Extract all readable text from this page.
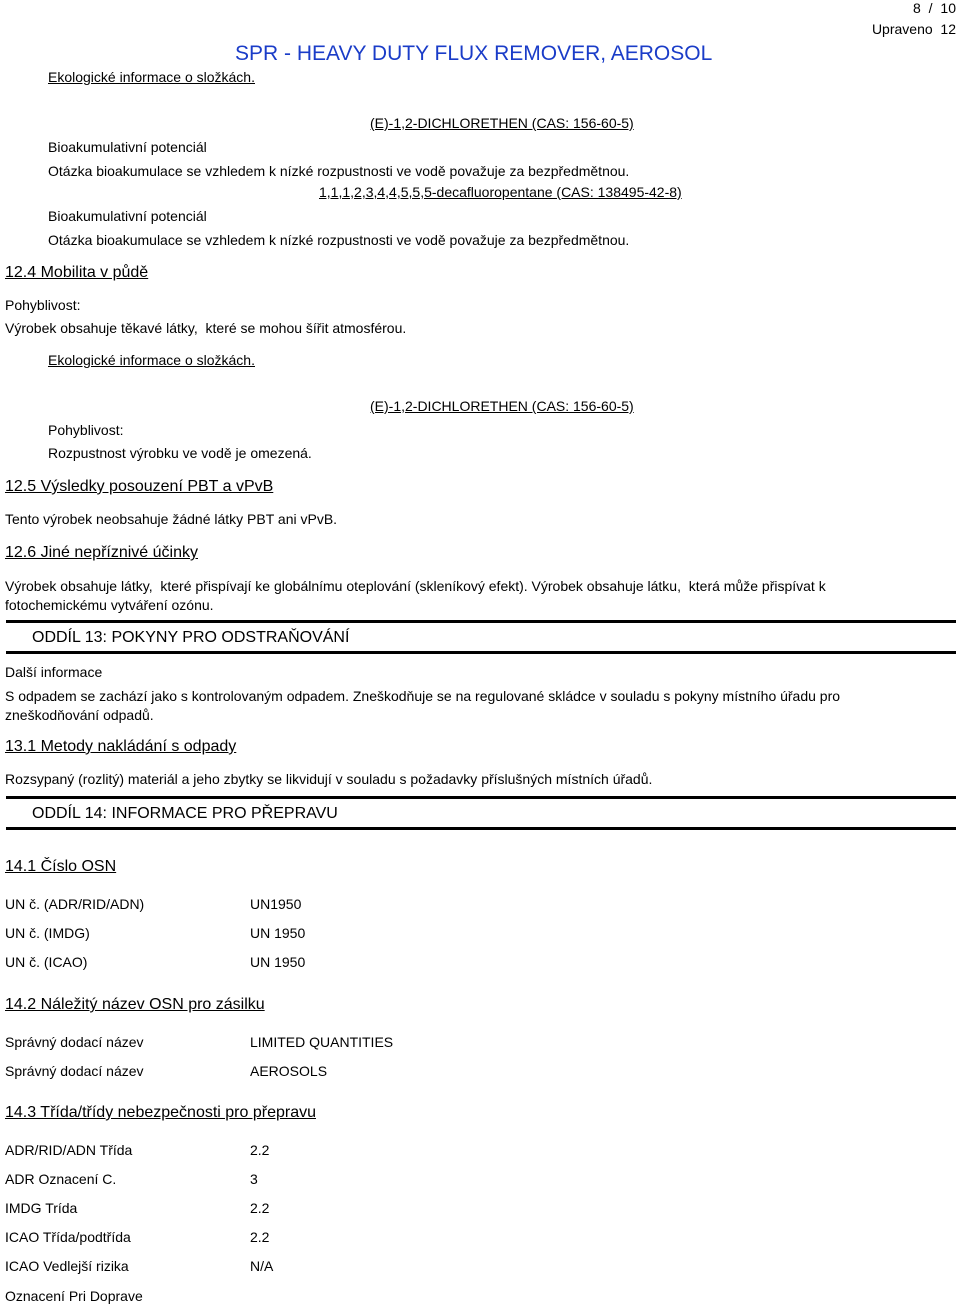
8 / 10
Upraveno  12
SPR - HEAVY DUTY FLUX REMOVER, AEROSOL
Ekologické informace o složkách.
(E)-1,2-DICHLORETHEN (CAS: 156-60-5)
Bioakumulativní potenciál
Otázka bioakumulace se vzhledem k nízké rozpustnosti ve vodě považuje za bezpředmětnou.
1,1,1,2,3,4,4,5,5,5-decafluoropentane (CAS: 138495-42-8)
Bioakumulativní potenciál
Otázka bioakumulace se vzhledem k nízké rozpustnosti ve vodě považuje za bezpředmětnou.
12.4 Mobilita v půdě
Pohyblivost:
Výrobek obsahuje těkavé látky,  které se mohou šířit atmosférou.
Ekologické informace o složkách.
(E)-1,2-DICHLORETHEN (CAS: 156-60-5)
Pohyblivost:
Rozpustnost výrobku ve vodě je omezená.
12.5 Výsledky posouzení PBT a vPvB
Tento výrobek neobsahuje žádné látky PBT ani vPvB.
12.6 Jiné nepříznivé účinky
Výrobek obsahuje látky,  které přispívají ke globálnímu oteplování (skleníkový efekt). Výrobek obsahuje látku,  která může přispívat k fotochemickému vytváření ozónu.
ODDÍL 13: POKYNY PRO ODSTRAŇOVÁNÍ
Další informace
S odpadem se zachází jako s kontrolovaným odpadem. Zneškodňuje se na regulované skládce v souladu s pokyny místního úřadu pro zneškodňování odpadů.
13.1 Metody nakládání s odpady
Rozsypaný (rozlitý) materiál a jeho zbytky se likvidují v souladu s požadavky příslušných místních úřadů.
ODDÍL 14: INFORMACE PRO PŘEPRAVU
14.1 Číslo OSN
UN č. (ADR/RID/ADN)	UN1950
UN č. (IMDG)	UN 1950
UN č. (ICAO)	UN 1950
14.2 Náležitý název OSN pro zásilku
Správný dodací název	LIMITED QUANTITIES
Správný dodací název	AEROSOLS
14.3 Třída/třídy nebezpečnosti pro přepravu
ADR/RID/ADN Třída	2.2
ADR Oznacení C.	3
IMDG Trída	2.2
ICAO Třída/podtřída	2.2
ICAO Vedlejší rizika	N/A
Oznacení Pri Doprave
